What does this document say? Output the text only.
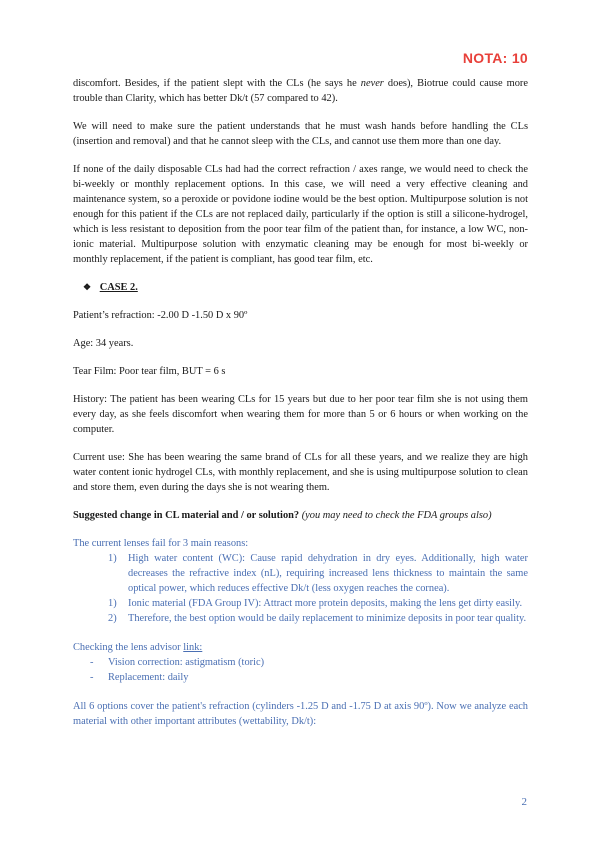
NOTA: 10

discomfort. Besides, if the patient slept with the CLs (he says he never does), Biotrue could cause more trouble than Clarity, which has better Dk/t (57 compared to 42).

We will need to make sure the patient understands that he must wash hands before handling the CLs (insertion and removal) and that he cannot sleep with the CLs, and cannot use them more than one day.

If none of the daily disposable CLs had had the correct refraction / axes range, we would need to check the bi-weekly or monthly replacement options. In this case, we will need a very effective cleaning and maintenance system, so a peroxide or povidone iodine would be the best option. Multipurpose solution is not enough for this patient if the CLs are not replaced daily, particularly if the option is still a silicone-hydrogel, which is less resistant to deposition from the poor tear film of the patient than, for instance, a low WC, non-ionic material. Multipurpose solution with enzymatic cleaning may be enough for most bi-weekly or monthly replacement, if the patient is compliant, has good tear film, etc.

❖ CASE 2.

Patient’s refraction: -2.00 D -1.50 D x 90º

Age: 34 years.

Tear Film: Poor tear film, BUT = 6 s

History: The patient has been wearing CLs for 15 years but due to her poor tear film she is not using them every day, as she feels discomfort when wearing them for more than 5 or 6 hours or when working on the computer.

Current use: She has been wearing the same brand of CLs for all these years, and we realize they are high water content ionic hydrogel CLs, with monthly replacement, and she is using multipurpose solution to clean and store them, even during the days she is not wearing them.

Suggested change in CL material and / or solution? (you may need to check the FDA groups also)

The current lenses fail for 3 main reasons:
1) High water content (WC): Cause rapid dehydration in dry eyes. Additionally, high water decreases the refractive index (nL), requiring increased lens thickness to maintain the same optical power, which reduces effective Dk/t (less oxygen reaches the cornea).
1) Ionic material (FDA Group IV): Attract more protein deposits, making the lens get dirty easily.
2) Therefore, the best option would be daily replacement to minimize deposits in poor tear quality.
Checking the lens advisor link:
- Vision correction: astigmatism (toric)
- Replacement: daily

All 6 options cover the patient's refraction (cylinders -1.25 D and -1.75 D at axis 90º). Now we analyze each material with other important attributes (wettability, Dk/t):

2
